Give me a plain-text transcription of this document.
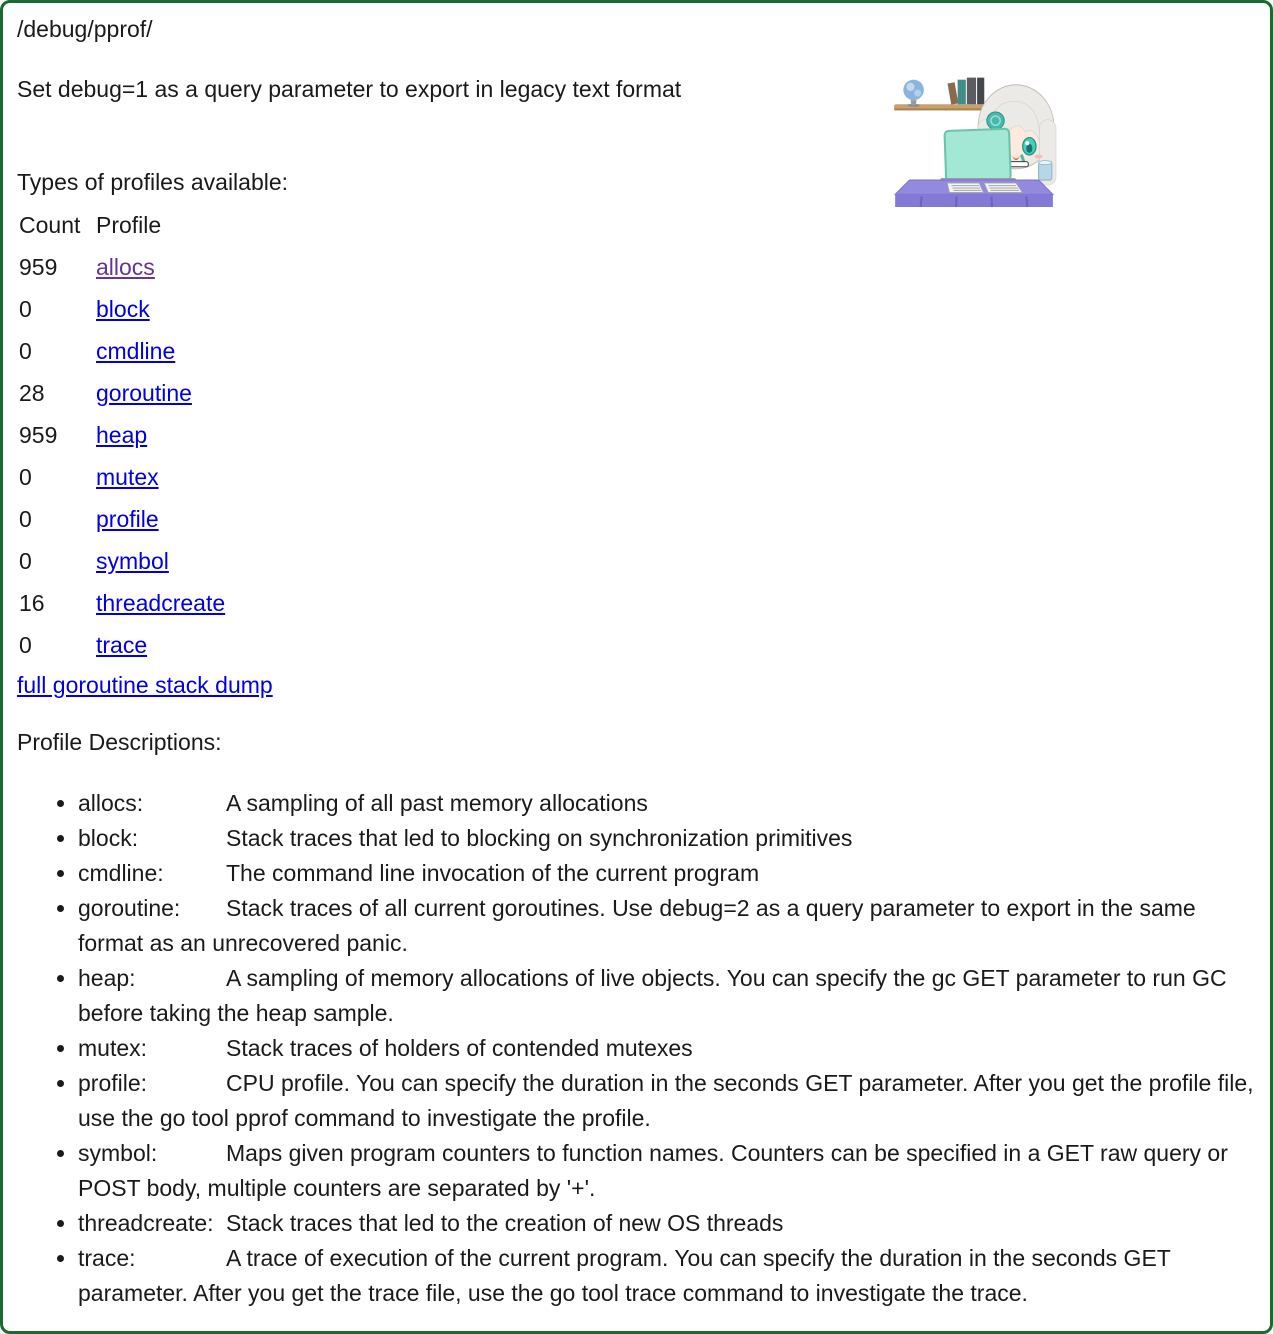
/debug/pprof/

Set debug=1 as a query parameter to export in legacy text format

Types of profiles available:
Count	Profile
959	allocs
0	block
0	cmdline
28	goroutine
959	heap
0	mutex
0	profile
0	symbol
16	threadcreate
0	trace
full goroutine stack dump

Profile Descriptions:

• allocs:	A sampling of all past memory allocations
• block:	Stack traces that led to blocking on synchronization primitives
• cmdline:	The command line invocation of the current program
• goroutine:Stack traces of all current goroutines. Use debug=2 as a query parameter to export in the same format as an unrecovered panic.
• heap:	A sampling of memory allocations of live objects. You can specify the gc GET parameter to run GC before taking the heap sample.
• mutex:	Stack traces of holders of contended mutexes
• profile:	CPU profile. You can specify the duration in the seconds GET parameter. After you get the profile file, use the go tool pprof command to investigate the profile.
• symbol:	Maps given program counters to function names. Counters can be specified in a GET raw query or POST body, multiple counters are separated by '+'.
• threadcreate:Stack traces that led to the creation of new OS threads
• trace:	A trace of execution of the current program. You can specify the duration in the seconds GET parameter. After you get the trace file, use the go tool trace command to investigate the trace.
